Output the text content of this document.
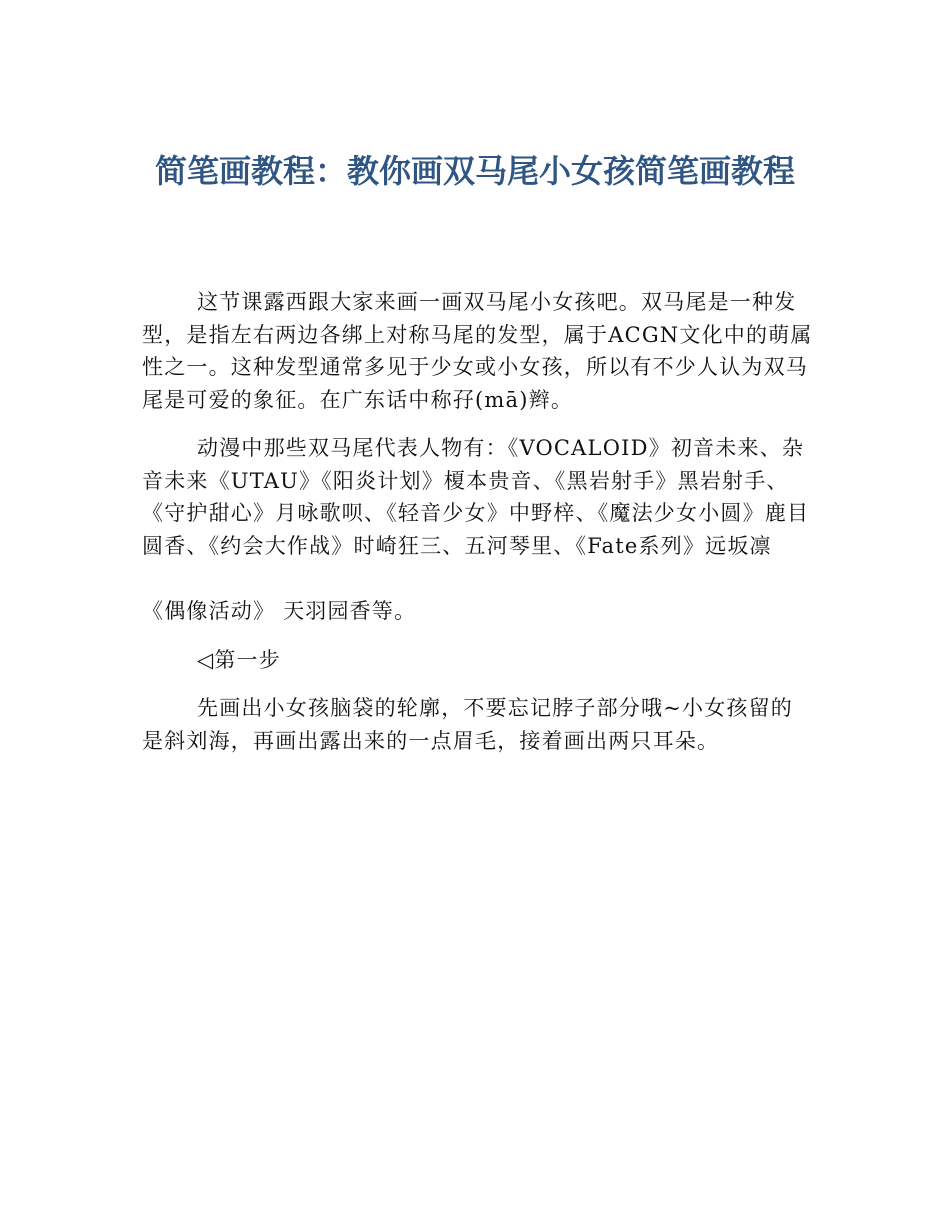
简笔画教程：教你画双马尾小女孩简笔画教程

这节课露西跟大家来画一画双马尾小女孩吧。双马尾是一种发型，是指左右两边各绑上对称马尾的发型，属于ACGN文化中的萌属性之一。这种发型通常多见于少女或小女孩，所以有不少人认为双马尾是可爱的象征。在广东话中称孖(mā)辫。

动漫中那些双马尾代表人物有：《VOCALOID》初音未来、杂音未来《UTAU》《阳炎计划》榎本贵音、《黑岩射手》黑岩射手、《守护甜心》月咏歌呗、《轻音少女》中野梓、《魔法少女小圆》鹿目圆香、《约会大作战》时崎狂三、五河琴里、《Fate系列》远坂凛

《偶像活动》 天羽园香等。

◁第一步

先画出小女孩脑袋的轮廓，不要忘记脖子部分哦~小女孩留的是斜刘海，再画出露出来的一点眉毛，接着画出两只耳朵。
